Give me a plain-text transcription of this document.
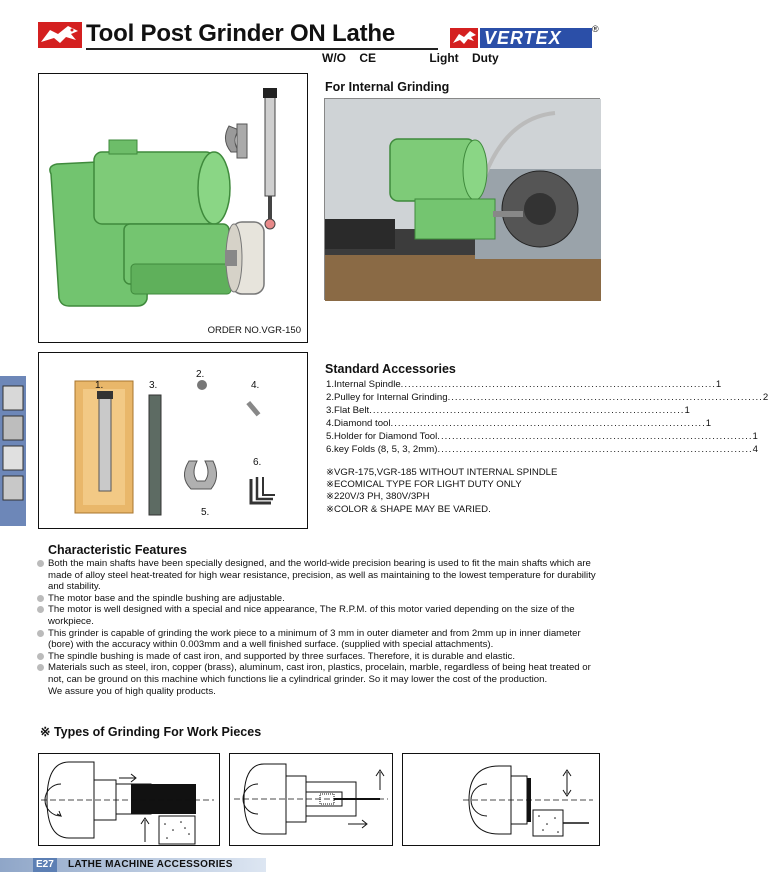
Tool Post Grinder ON Lathe
W/O CE    Light Duty
VERTEX	®
ORDER NO.VGR-150
For Internal Grinding
1.
2.
3.	4.
5.
6.
Standard Accessories
1.Internal Spindle ...................................................................................... 1
2.Pulley for Internal Grinding ...................................................................................... 2
3.Flat Belt ...................................................................................... 1
4.Diamond tool ...................................................................................... 1
5.Holder for Diamond Tool ...................................................................................... 1
6.key Folds (8, 5, 3, 2mm) ...................................................................................... 4
※VGR-175,VGR-185 WITHOUT INTERNAL SPINDLE
※ECOMICAL TYPE FOR LIGHT DUTY ONLY
※220V/3 PH, 380V/3PH
※COLOR & SHAPE MAY BE VARIED.
Characteristic Features
Both the main shafts have been specially designed, and the world-wide precision bearing is used to fit the main shafts which are made of alloy steel heat-treated for high wear resistance, precision, as well as maintaining to the lowest temperature for durability and stability.
The motor base and the spindle bushing are adjustable.
The motor is well designed with a special and nice appearance, The R.P.M. of this motor varied depending on the size of the workpiece.
This grinder is capable of grinding the work piece to a minimum of 3 mm in outer diameter and from 2mm up in inner diameter (bore) with the accuracy within 0.003mm and a well finished surface. (supplied with special attachments).
The spindle bushing is made of cast iron, and supported by three surfaces. Therefore, it is durable and elastic.
Materials such as steel, iron, copper (brass), aluminum, cast iron, plastics, procelain, marble, regardless of being heat treated or not, can be ground on this machine which functions lie a cylindrical grinder. So it may lower the cost of the production.
We assure you of high quality products.
※ Types of Grinding For Work Pieces
E27	LATHE MACHINE ACCESSORIES
